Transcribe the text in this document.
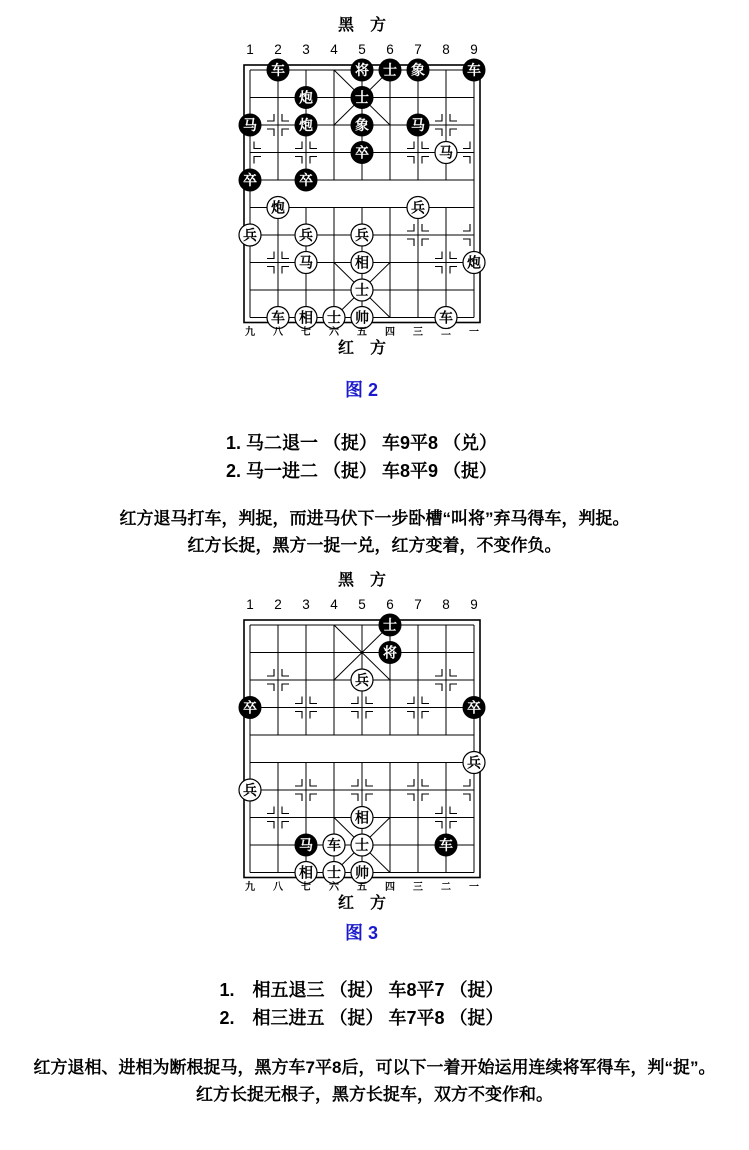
黑　方
1 2 3 4 5 6 7 8 9
车	将 士 象	车
炮	士
马	炮	象	马
卒	马
卒	卒
炮	兵
兵	兵	兵
马	相	炮
士
车 相 士 帅	车
九 八 七 六 五 四 三 二 一
红　方
图 2
1. 马二退一 （捉） 车9平8 （兑）
2. 马一进二 （捉） 车8平9 （捉）

红方退马打车，判捉，而进马伏下一步卧槽“叫将”弃马得车，判捉。

红方长捉，黑方一捉一兑，红方变着，不变作负。

黑　方
1 2 3 4 5 6 7 8 9
士
将
兵
卒	卒
兵
兵
相
马 车 士	车
相 士 帅
九 八 七 六 五 四 三 二 一
红　方
图 3
1.　相五退三 （捉） 车8平7 （捉）
2.　相三进五 （捉） 车7平8 （捉）

红方退相、进相为断根捉马，黑方车7平8后，可以下一着开始运用连续将军得车，判“捉”。

红方长捉无根子，黑方长捉车，双方不变作和。
